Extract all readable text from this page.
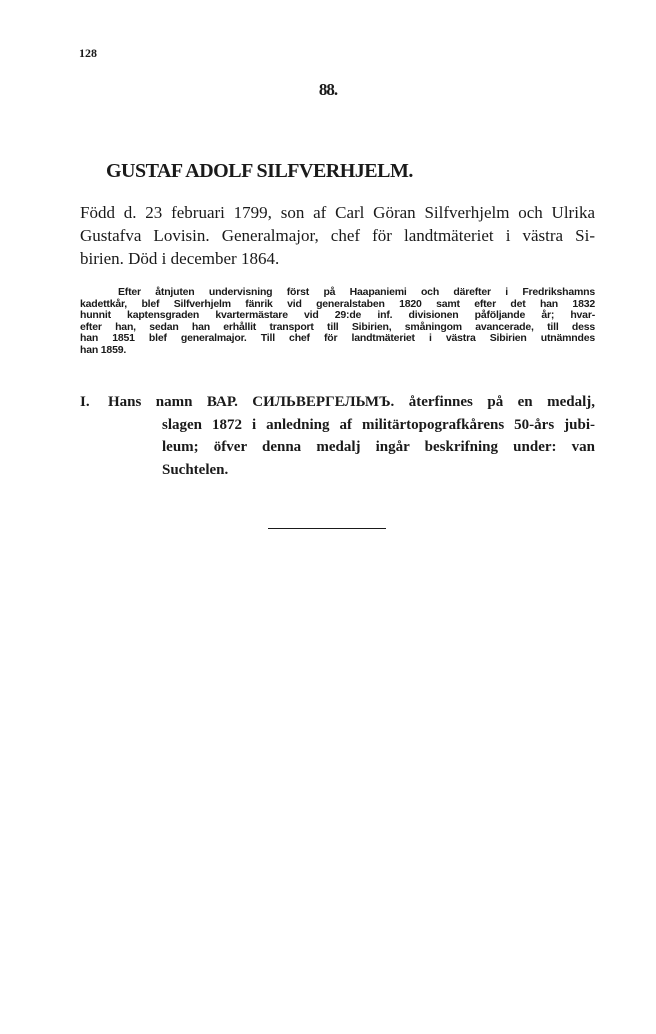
128
88.
GUSTAF ADOLF SILFVERHJELM.
Född d. 23 februari 1799, son af Carl Göran Silfverhjelm och Ulrika
Gustafva Lovisin. Generalmajor, chef för landtmäteriet i västra Si-
birien. Död i december 1864.
Efter åtnjuten undervisning först på Haapaniemi och därefter i Fredrikshamns
kadettkår, blef Silfverhjelm fänrik vid generalstaben 1820 samt efter det han 1832
hunnit kaptensgraden kvartermästare vid 29:de inf. divisionen påföljande år; hvar-
efter han, sedan han erhållit transport till Sibirien, småningom avancerade, till dess
han 1851 blef generalmajor. Till chef för landtmäteriet i västra Sibirien utnämndes
han 1859.
I. Hans namn ВАР. СИЛЬВЕРГЕЛЬМЪ. återfinnes på en medalj,
slagen 1872 i anledning af militärtopografkårens 50-års jubi-
leum; öfver denna medalj ingår beskrifning under: van
Suchtelen.
